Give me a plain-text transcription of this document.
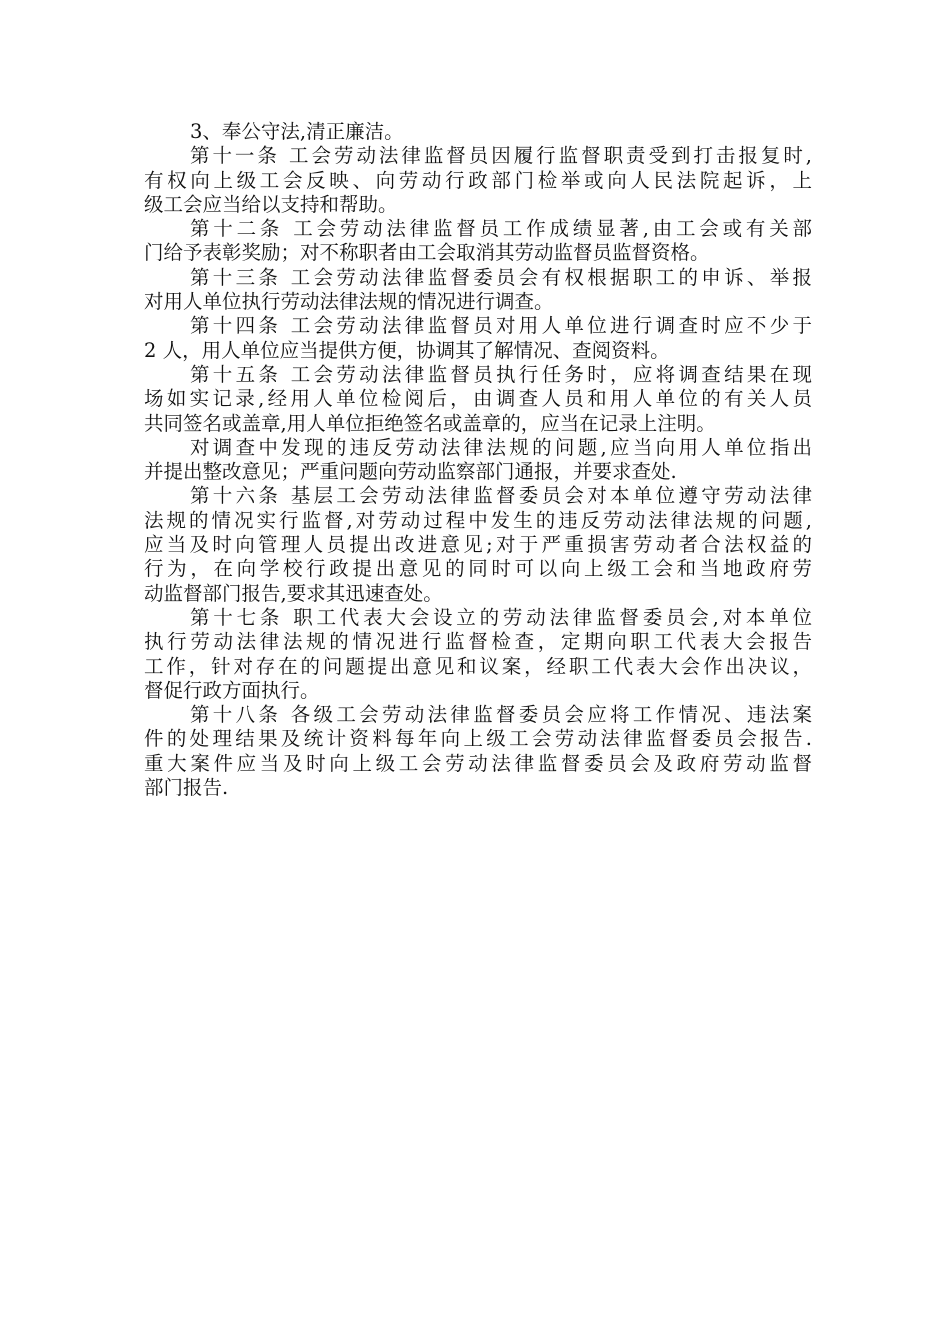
3、奉公守法,清正廉洁。
第十一条 工会劳动法律监督员因履行监督职责受到打击报复时,
有权向上级工会反映、向劳动行政部门检举或向人民法院起诉，上
级工会应当给以支持和帮助。
第十二条 工会劳动法律监督员工作成绩显著,由工会或有关部
门给予表彰奖励；对不称职者由工会取消其劳动监督员监督资格。
第十三条 工会劳动法律监督委员会有权根据职工的申诉、举报
对用人单位执行劳动法律法规的情况进行调查。
第十四条 工会劳动法律监督员对用人单位进行调查时应不少于
2 人，用人单位应当提供方便，协调其了解情况、查阅资料。
第十五条 工会劳动法律监督员执行任务时，应将调查结果在现
场如实记录,经用人单位检阅后，由调查人员和用人单位的有关人员
共同签名或盖章,用人单位拒绝签名或盖章的，应当在记录上注明。
对调查中发现的违反劳动法律法规的问题,应当向用人单位指出
并提出整改意见；严重问题向劳动监察部门通报，并要求查处.
第十六条 基层工会劳动法律监督委员会对本单位遵守劳动法律
法规的情况实行监督,对劳动过程中发生的违反劳动法律法规的问题,
应当及时向管理人员提出改进意见;对于严重损害劳动者合法权益的
行为，在向学校行政提出意见的同时可以向上级工会和当地政府劳
动监督部门报告,要求其迅速查处。
第十七条 职工代表大会设立的劳动法律监督委员会,对本单位
执行劳动法律法规的情况进行监督检查，定期向职工代表大会报告
工作，针对存在的问题提出意见和议案，经职工代表大会作出决议，
督促行政方面执行。
第十八条 各级工会劳动法律监督委员会应将工作情况、违法案
件的处理结果及统计资料每年向上级工会劳动法律监督委员会报告.
重大案件应当及时向上级工会劳动法律监督委员会及政府劳动监督
部门报告.
